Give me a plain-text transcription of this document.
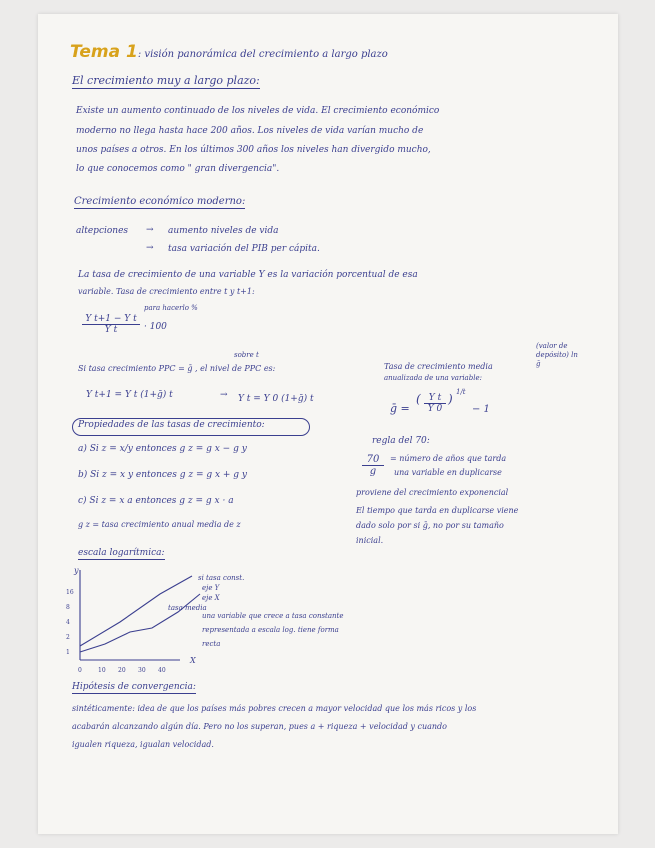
Tema 1: visión panorámica del crecimiento a largo plazo
El crecimiento muy a largo plazo:
Existe un aumento continuado de los niveles de vida. El crecimiento económico
moderno no llega hasta hace 200 años. Los niveles de vida varían mucho de
unos países a otros. En los últimos 300 años los niveles han divergido mucho,
lo que conocemos como " gran divergencia".
Crecimiento económico moderno:
altepciones → aumento niveles de vida
→ tasa variación del PIB per cápita.
La tasa de crecimiento de una variable Y es la variación porcentual de esa
variable. Tasa de crecimiento entre t y t+1:
para hacerlo %
$\frac{\text{Y t+1 − Y t}}{\text{Y t}} \cdot 100$
Si tasa crecimiento PPC = ḡ , el nivel de PPC es:
sobre t
Y t+1 = Y t (1+ḡ) t	→ Y t = Y 0 (1+ḡ) t
Tasa de crecimiento media
anualizada de una variable:
(valor de depósito) ln ḡ
ḡ =
( $\frac{\text{Y t}}{Y 0}$ ) 1/t
− 1
Propiedades de las tasas de crecimiento:
a) Si z = x/y entonces g z = g x − g y
b) Si z = x y entonces g z = g x + g y
c) Si z = x a entonces g z = g x · a
g z = tasa crecimiento anual media de z
regla del 70:
$\frac{70}{g}$ = número de años que tarda
una variable en duplicarse
proviene del crecimiento exponencial
El tiempo que tarda en duplicarse viene
dado solo por si ḡ, no por su tamaño
inicial.
escala logarítmica:
16
8
4
2
1
0	10 20 30 40
y
X
si tasa const.
eje Y
eje X
tasa media
una variable que crece a tasa constante
representada a escala log. tiene forma
recta
Hipótesis de convergencia:
sintéticamente: idea de que los países más pobres crecen a mayor velocidad que los más ricos y los
acabarán alcanzando algún día. Pero no los superan, pues a + riqueza + velocidad y cuando
igualen riqueza, igualan velocidad.
